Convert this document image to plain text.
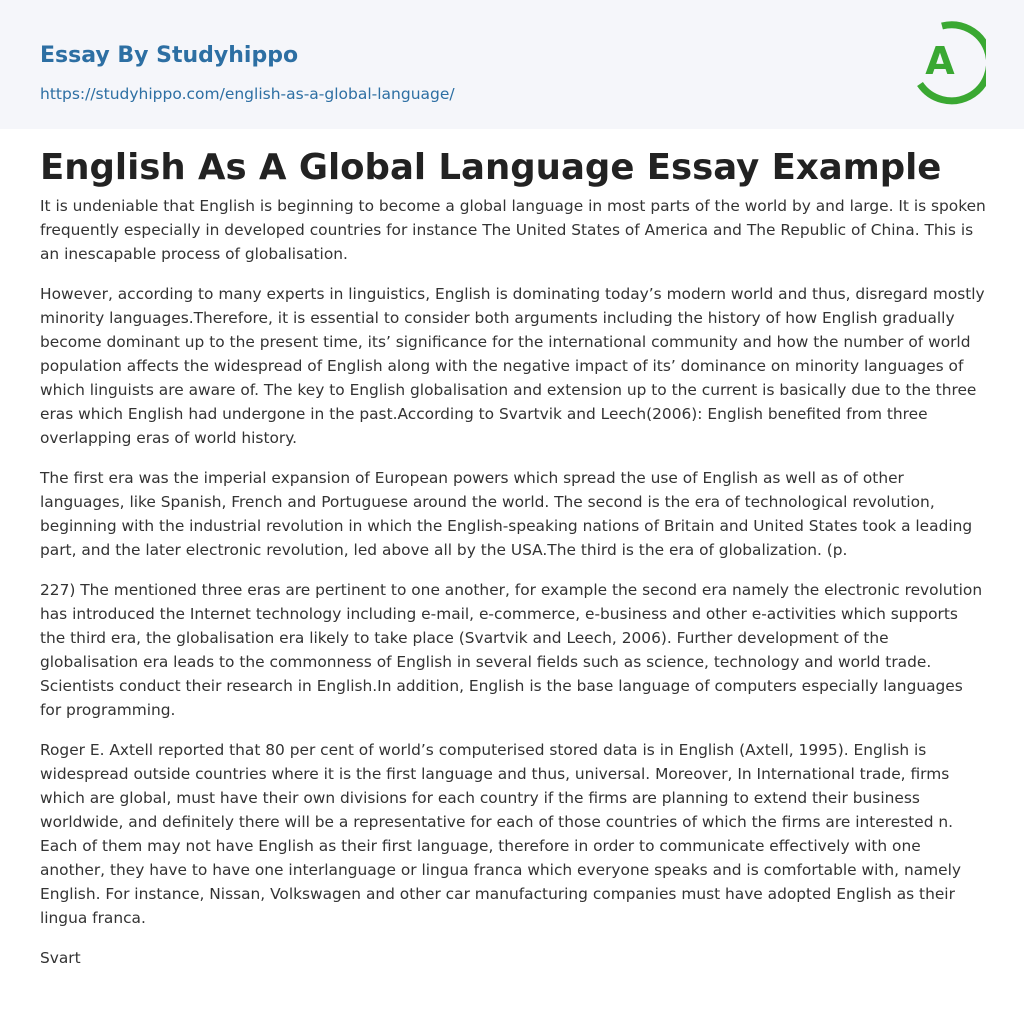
Essay By Studyhippo
https://studyhippo.com/english-as-a-global-language/
A
English As A Global Language Essay Example

It is undeniable that English is beginning to become a global language in most parts of the world by and large. It is spoken frequently especially in developed countries for instance The United States of America and The Republic of China. This is an inescapable process of globalisation.

However, according to many experts in linguistics, English is dominating today’s modern world and thus, disregard mostly minority languages.Therefore, it is essential to consider both arguments including the history of how English gradually become dominant up to the present time, its’ significance for the international community and how the number of world population affects the widespread of English along with the negative impact of its’ dominance on minority languages of which linguists are aware of. The key to English globalisation and extension up to the current is basically due to the three eras which English had undergone in the past.According to Svartvik and Leech(2006): English benefited from three overlapping eras of world history.

The first era was the imperial expansion of European powers which spread the use of English as well as of other languages, like Spanish, French and Portuguese around the world. The second is the era of technological revolution, beginning with the industrial revolution in which the English-speaking nations of Britain and United States took a leading part, and the later electronic revolution, led above all by the USA.The third is the era of globalization. (p.

227) The mentioned three eras are pertinent to one another, for example the second era namely the electronic revolution has introduced the Internet technology including e-mail, e-commerce, e-business and other e-activities which supports the third era, the globalisation era likely to take place (Svartvik and Leech, 2006). Further development of the globalisation era leads to the commonness of English in several fields such as science, technology and world trade. Scientists conduct their research in English.In addition, English is the base language of computers especially languages for programming.

Roger E. Axtell reported that 80 per cent of world’s computerised stored data is in English (Axtell, 1995). English is widespread outside countries where it is the first language and thus, universal. Moreover, In International trade, firms which are global, must have their own divisions for each country if the firms are planning to extend their business worldwide, and definitely there will be a representative for each of those countries of which the firms are interested n. Each of them may not have English as their first language, therefore in order to communicate effectively with one another, they have to have one interlanguage or lingua franca which everyone speaks and is comfortable with, namely English. For instance, Nissan, Volkswagen and other car manufacturing companies must have adopted English as their lingua franca.

Svart
